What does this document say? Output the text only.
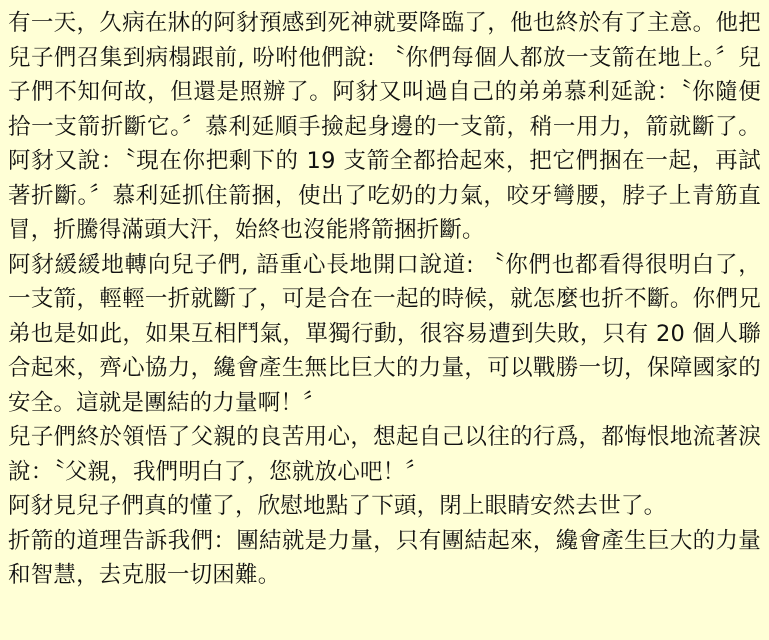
有一天，久病在牀的阿豺預感到死神就要降臨了，他也終於有了主意。他把兒子們召集到病榻跟前, 吩咐他們說: 〝你們每個人都放一支箭在地上。〞兒子們不知何故，但還是照辦了。阿豺又叫過自己的弟弟慕利延說：〝你隨便拾一支箭折斷它。〞慕利延順手撿起身邊的一支箭，稍一用力，箭就斷了。阿豺又說：〝現在你把剩下的 19 支箭全都拾起來，把它們捆在一起，再試著折斷。〞慕利延抓住箭捆，使出了吃奶的力氣，咬牙彎腰，脖子上青筋直冒，折騰得滿頭大汗，始終也沒能將箭捆折斷。

阿豺緩緩地轉向兒子們, 語重心長地開口說道: 〝你們也都看得很明白了，一支箭，輕輕一折就斷了，可是合在一起的時候，就怎麼也折不斷。你們兄弟也是如此，如果互相鬥氣，單獨行動，很容易遭到失敗，只有 20 個人聯合起來，齊心協力，纔會產生無比巨大的力量，可以戰勝一切，保障國家的安全。這就是團結的力量啊！〞

兒子們終於領悟了父親的良苦用心，想起自己以往的行爲，都悔恨地流著淚說：〝父親，我們明白了，您就放心吧！〞

阿豺見兒子們真的懂了，欣慰地點了下頭，閉上眼睛安然去世了。

折箭的道理告訴我們：團結就是力量，只有團結起來，纔會產生巨大的力量和智慧，去克服一切困難。
